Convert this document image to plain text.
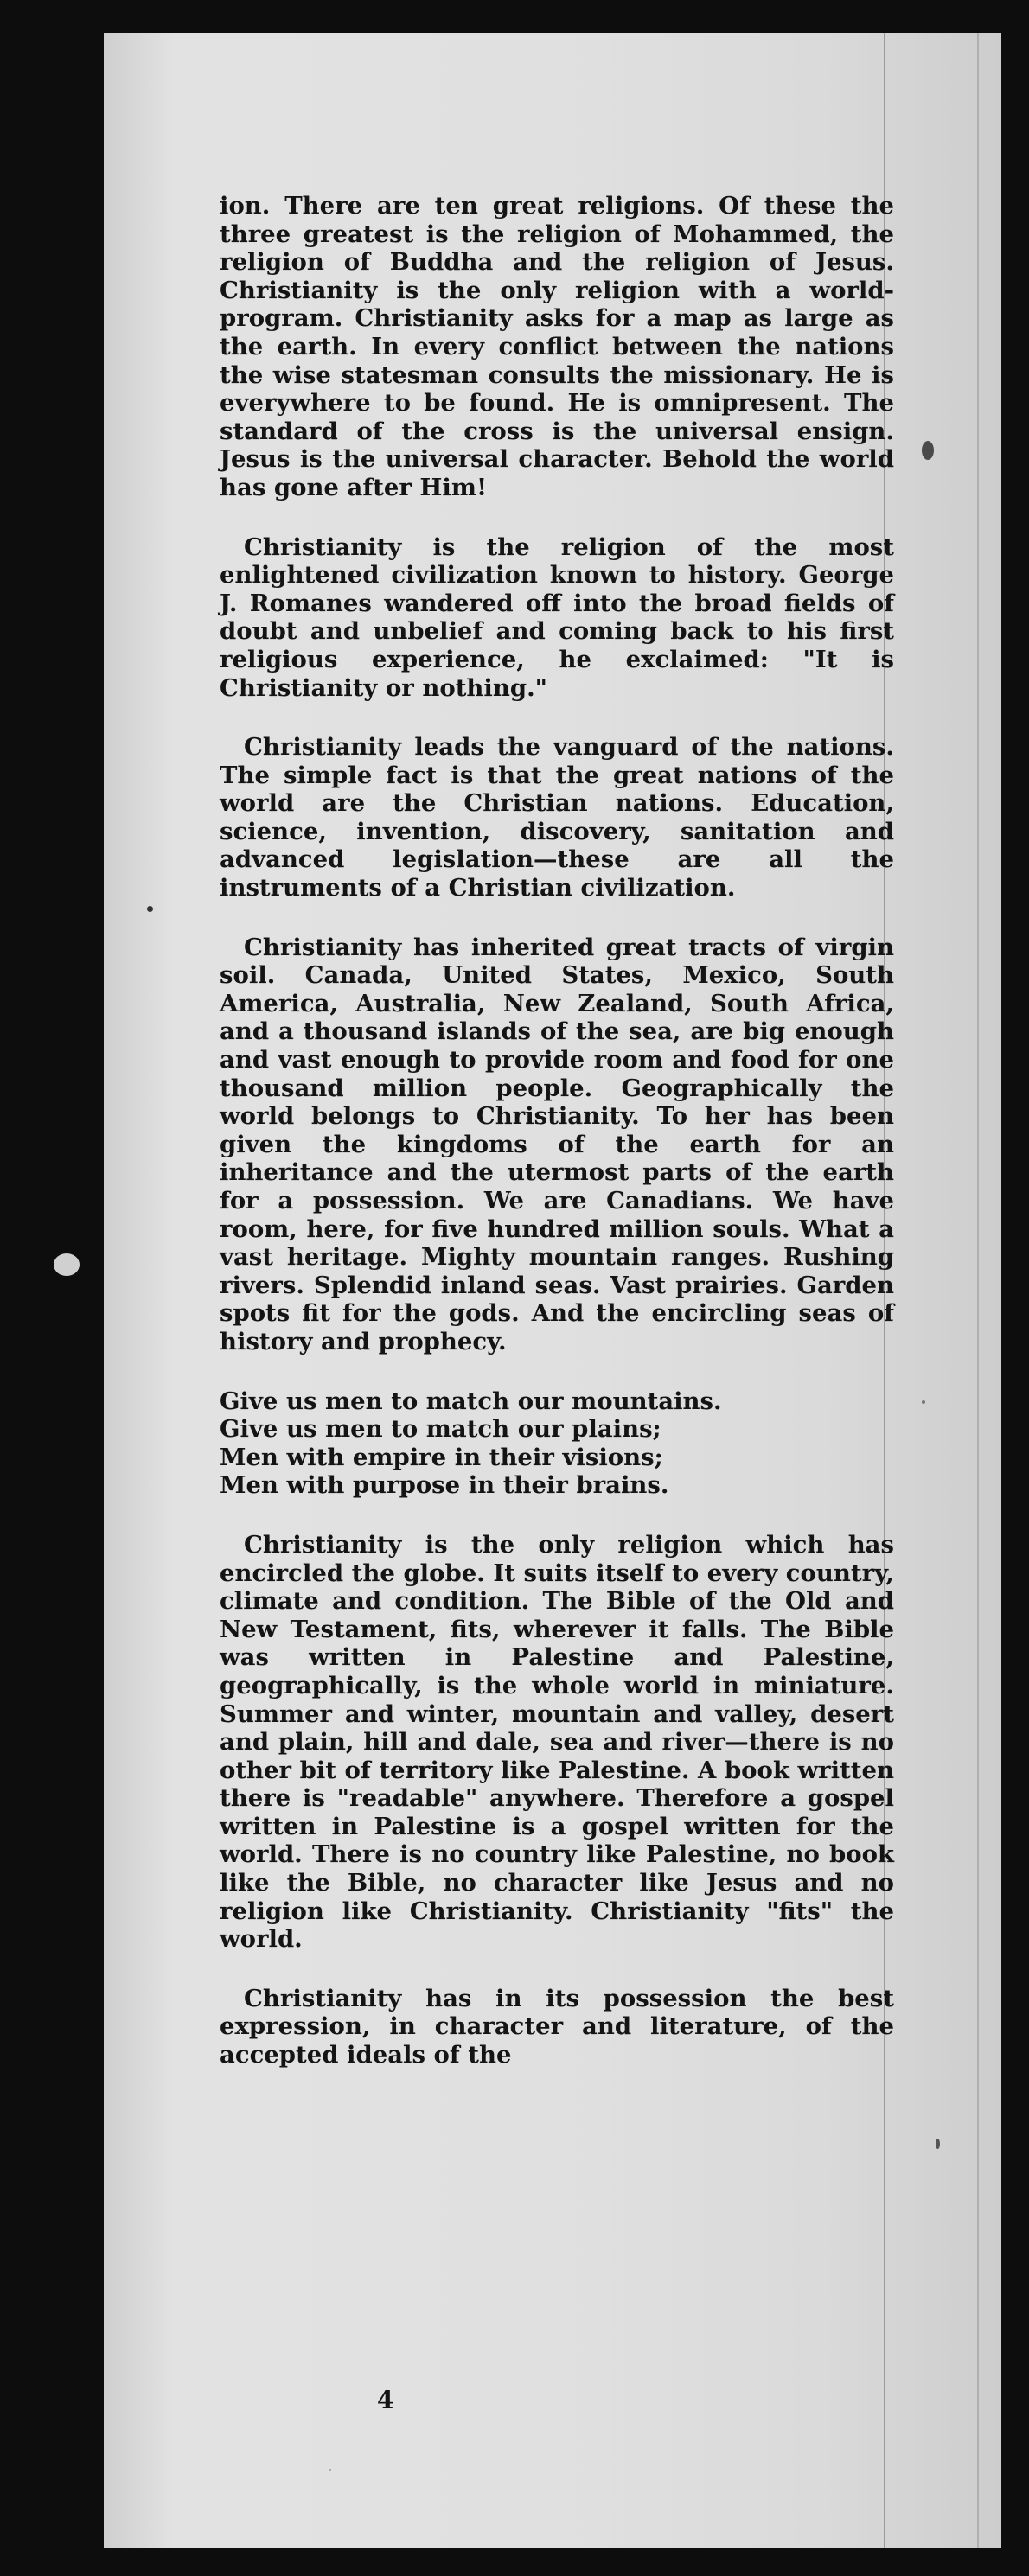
ion. There are ten great religions. Of these the three greatest is the religion of Mohammed, the religion of Buddha and the religion of Jesus. Christianity is the only religion with a world-program. Christianity asks for a map as large as the earth. In every conflict between the nations the wise statesman consults the missionary. He is everywhere to be found. He is omnipresent. The standard of the cross is the universal ensign. Jesus is the universal character. Behold the world has gone after Him!

Christianity is the religion of the most enlightened civilization known to history. George J. Romanes wandered off into the broad fields of doubt and unbelief and coming back to his first religious experience, he exclaimed: "It is Christianity or nothing."

Christianity leads the vanguard of the nations. The simple fact is that the great nations of the world are the Christian nations. Education, science, invention, discovery, sanitation and advanced legislation—these are all the instruments of a Christian civilization.

Christianity has inherited great tracts of virgin soil. Canada, United States, Mexico, South America, Australia, New Zealand, South Africa, and a thousand islands of the sea, are big enough and vast enough to provide room and food for one thousand million people. Geographically the world belongs to Christianity. To her has been given the kingdoms of the earth for an inheritance and the utermost parts of the earth for a possession. We are Canadians. We have room, here, for five hundred million souls. What a vast heritage. Mighty mountain ranges. Rushing rivers. Splendid inland seas. Vast prairies. Garden spots fit for the gods. And the encircling seas of history and prophecy.

Give us men to match our mountains.
Give us men to match our plains;
Men with empire in their visions;
Men with purpose in their brains.

Christianity is the only religion which has encircled the globe. It suits itself to every country, climate and condition. The Bible of the Old and New Testament, fits, wherever it falls. The Bible was written in Palestine and Palestine, geographically, is the whole world in miniature. Summer and winter, mountain and valley, desert and plain, hill and dale, sea and river—there is no other bit of territory like Palestine. A book written there is "readable" anywhere. Therefore a gospel written in Palestine is a gospel written for the world. There is no country like Palestine, no book like the Bible, no character like Jesus and no religion like Christianity. Christianity "fits" the world.

Christianity has in its possession the best expression, in character and literature, of the accepted ideals of the

4
